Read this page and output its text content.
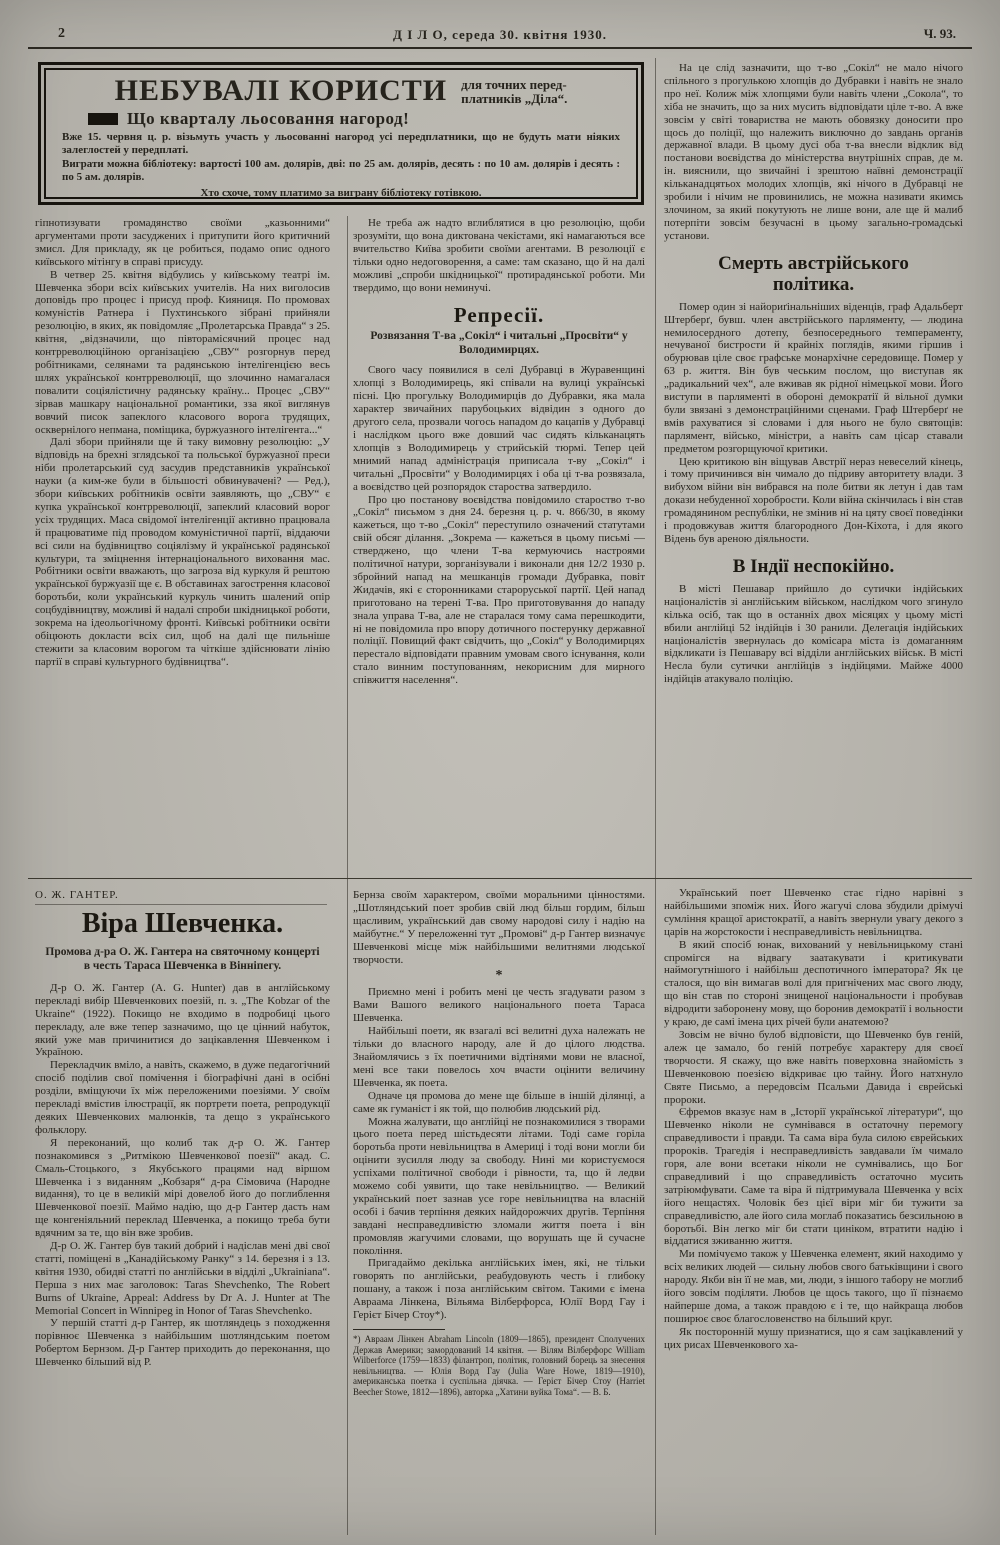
2	Д І Л О, середа 30. квітня 1930.	Ч. 93.
НЕБУВАЛІ КОРИСТИ для точних перед-
платників „Діла“.
Що кварталу льосовання нагород!

Вже 15. червня ц. р. візьмуть участь у льосованні нагород усі передплатники, що не будуть мати ніяких залеглостей у передплаті.

Виграти можна бібліотеку: вартості 100 ам. долярів, дві: по 25 ам. долярів, десять : по 10 ам. долярів і десять : по 5 ам. долярів.

Хто схоче, тому платимо за виграну бібліотеку готівкою.

гіпнотизувати громадянство своїми „казьонними“ аргументами проти засуджених і притупити його критичний змисл. Для прикладу, як це робиться, подамо опис одного київського мітінгу в справі присуду.

В четвер 25. квітня відбулись у київському театрі ім. Шевченка збори всіх київських учителів. На них виголосив доповідь про процес і присуд проф. Кияниця. По промовах комуністів Ратнера і Пухтинського зібрані прийняли резолюцію, в яких, як повідомляє „Пролетарська Правда“ з 25. квітня, „відзначили, що півторамісячний процес над контрреволюційною організацією „СВУ“ розгорнув перед робітниками, селянами та радянською інтелігенцією весь шлях української контрреволюції, що злочинно намагалася повалити соціялістичну радянську країну... Процес „СВУ“ зірвав машкару національної романтики, зза якої виглянув вовчий писок запеклого класового ворога трудящих, осквернілого непмана, поміщика, буржуазного інтелігента...“

Далі збори прийняли ще й таку вимовну резолюцію: „У відповідь на брехні зглядської та польської буржуазної преси ніби пролетарський суд засудив представників української науки (а ким-же були в більшості обвинувачені? — Ред.), збори київських робітників освіти заявляють, що „СВУ“ є купка української контрреволюції, запеклий класовий ворог усіх трудящих. Маса свідомої інтелігенції активно працювала й працюватиме під проводом комуністичної партії, віддаючи всі сили на будівництво соціялізму й української радянської культури, та зміцнення інтернаціонального виховання мас. Робітники освіти вважають, що загроза від куркуля й рештою української буржуазії ще є. В обставинах загострення класової боротьби, коли український куркуль чинить шалений опір соцбудівництву, можливі й надалі спроби шкідницької роботи, зокрема на ідеольогічному фронті. Київські робітники освіти обіцюють докласти всіх сил, щоб на далі ще пильніше стежити за класовим ворогом та чіткіше здійснювати лінію партії в справі культурного будівництва“.

Не треба аж надто вглиблятися в цю резолюцію, щоби зрозуміти, що вона диктована чекістами, які намагаються все вчительство Київа зробити своїми агентами. В резолюції є тільки одно недоговорення, а саме: там сказано, що й на далі можливі „спроби шкідницької“ протирадянської роботи. Ми твердимо, що вони неминучі.

Репресії.
Розвязання Т-ва „Сокіл“ і читальні „Просвіти“ у Володимирцях.

Свого часу появилися в селі Дубравці в Журавенщині хлопці з Володимирець, які співали на вулиці українські пісні. Цю прогульку Володимирців до Дубравки, яка мала характер звичайних парубоцьких відвідин з одного до другого села, прозвали чогось нападом до кацапів у Дубравці і наслідком цього вже довший час сидять кільканацять хлопців з Володимирець у стрийській тюрмі. Тепер цей мнимий напад адміністрація приписала т-ву „Сокіл“ і читальні „Просвіти“ у Володимирцях і оба ці т-ва розвязала, а воєвідство цей розпорядок староства затвердило.

Про цю постанову воєвідства повідомило староство т-во „Сокіл“ письмом з дня 24. березня ц. р. ч. 866/30, в якому кажеться, що т-во „Сокіл“ переступило означений статутами свій обсяг ділання. „Зокрема — кажеться в цьому письмі — стверджено, що члени Т-ва кермуючись настроями політичної натури, зорганізували і виконали дня 12/2 1930 р. збройний напад на мешканців громади Дубравка, повіт Жидачів, які є сторонниками староруської партії. Цей напад приготовано на терені Т-ва. Про приготовування до нападу знала управа Т-ва, але не старалася тому сама перешкодити, ні не повідомила про впору дотичного постерунку державної поліції. Повищий факт свідчить, що „Сокіл“ у Володимирцях перестало відповідати правним умовам свого існування, коли стало винним поступованням, некорисним для мирного співжиття населення“.

На це слід зазначити, що т-во „Сокіл“ не мало нічого спільного з прогулькою хлопців до Дубравки і навіть не знало про неї. Колиж між хлопцями були навіть члени „Сокола“, то хіба не значить, що за них мусить відповідати ціле т-во. А вже зовсім у світі товариства не мають обовязку доносити про щось до поліції, що належить виключно до завдань органів державної влади. В цьому дусі оба т-ва внесли відклик від постанови воєвідства до міністерства внутрішніх справ, де м. ін. вияснили, що звичайні і зрештою наївні демонстрації кільканадцятьох молодих хлопців, які нічого в Дубравці не зробили і нічим не провинились, не можна називати якимсь злочином, за який покутують не лише вони, але ще й малиб потерпіти зовсім безучасні в цьому загально-громадські установи.

Смерть австрійського політика.

Помер один зі найориґінальніших віденців, граф Адальберт Штерберґ, бувш. член австрійського парляменту, — людина немилосердного дотепу, безпосереднього темпераменту, нечуваної бистрости й крайніх поглядів, якими гіршив і обурював ціле своє графське монархічне середовище. Помер у 63 р. життя. Він був чеським послом, що виступав як „радикальний чех“, але вживав як рідної німецької мови. Його виступи в парляменті в обороні демократії й вільної думки були звязані з демонстраційними сценами. Граф Штерберґ не вмів рахуватися зі словами і для нього не було святощів: парлямент, військо, міністри, а навіть сам цісар ставали предметом розгорщуючої критики.

Цею критикою він віщував Австрії нераз невеселий кінець, і тому причинився він чимало до підриву авторитету влади. З вибухом війни він вибрався на поле битви як летун і дав там докази небуденної хоробрости. Коли війна скінчилась і він став громадянином республіки, не змінив ні на цяту своєї поведінки і продовжував життя благородного Дон-Кіхота, і для якого Відень був ареною діяльности.

В Індії неспокійно.

В місті Пешавар прийшло до сутички індійських націоналістів зі англійським військом, наслідком чого згинуло кілька осіб, так що в останніх двох місяцях у цьому місті вбили англійці 52 індійців і 30 ранили. Делегація індійських націоналістів звернулась до комісара міста із домаганням відкликати із Пешавару всі відділи англійських військ. В місті Несла були сутички англійців з індійцями. Майже 4000 індійців атакувало поліцію.

О. Ж. ГАНТЕР.
Віра Шевченка.
Промова д-ра О. Ж. Гантера на святочному концерті в честь Тараса Шевченка в Вінніпегу.

Д-р О. Ж. Гантер (A. G. Hunter) дав в англійському перекладі вибір Шевченкових поезій, п. з. „The Kobzar of the Ukraine“ (1922). Покищо не входимо в подробиці цього перекладу, але вже тепер зазначимо, що це цінний набуток, який уже мав причинитися до зацікавлення Шевченком і Україною.

Перекладчик вміло, а навіть, скажемо, в дуже педагогічний спосіб поділив свої помічення і біографічні дані в осібні розділи, вміщуючи їх між переложеними поезіями. У своїм перекладі вмістив ілюстрації, як портрети поета, репродукції деяких Шевченкових малюнків, та дещо з українського фольклору.

Я переконаний, що колиб так д-р О. Ж. Гантер познакомився з „Ритмікою Шевченкової поезії“ акад. С. Смаль-Стоцького, з Якубського працями над віршом Шевченка і з виданням „Кобзаря“ д-ра Сімовича (Народне видання), то це в великій мірі довелоб його до поглиблення Шевченкової поезії. Маймо надію, що д-р Гантер дасть нам ще конгеніяльний переклад Шевченка, а покищо треба бути вдячним за те, що він вже зробив.

Д-р О. Ж. Гантер був такий добрий і надіслав мені дві свої статті, поміщені в „Канадійському Ранку“ з 14. березня і з 13. квітня 1930, обидві статті по англійськи в відділі „Ukrainiana“. Перша з них має заголовок: Taras Shevchenko, The Robert Burns of Ukraine, Appeal: Address by Dr A. J. Hunter at The Memorial Concert in Winnipeg in Honor of Taras Shevchenko.

У першій статті д-р Гантер, як шотляндець з походження порівнює Шевченка з найбільшим шотляндським поетом Робертом Бернзом. Д-р Гантер приходить до переконання, що Шевченко більший від Р.

Бернза своїм характером, своїми моральними цінностями. „Шотляндський поет зробив свій люд більш гордим, більш щасливим, український дав свому народові силу і надію на майбутнє.“ У переложенні тут „Промові“ д-р Гантер визначує Шевченкові місце між найбільшими велитнями людської творчости.

*

Приємно мені і робить мені це честь згадувати разом з Вами Вашого великого національного поета Тараса Шевченка.

Найбільші поети, як взагалі всі велитні духа належать не тільки до власного народу, але й до цілого людства. Знайомлячись з їх поетичними відтінями мови не власної, мені все таки повелось хоч вчасти оцінити величину Шевченка, як поета.

Одначе ця промова до мене ще більше в іншій ділянці, а саме як гуманіст і як той, що полюбив людський рід.

Можна жалувати, що англійці не познакомилися з творами цього поета перед шістьдесяти літами. Тоді саме горіла боротьба проти невільництва в Америці і тоді вони могли би оцінити зусилля люду за свободу. Нині ми користуємося успіхами політичної свободи і рівности, та, що й ледви можемо собі уявити, що таке невільництво. — Великий український поет зазнав усе горе невільництва на власній особі і бачив терпіння деяких найдорожчих другів. Терпіння завдані несправедливістю зломали життя поета і він промовляв жагучими словами, що ворушать ще й сучасне покоління.

Пригадаймо декілька англійських імен, які, не тільки говорять по англійськи, реабудовують честь і глибоку пошану, а також і поза англійським світом. Такими є імена Авраама Лінкена, Вільяма Вілберфорса, Юлії Ворд Гау і Герієт Бічер Стоу*).

*) Авраам Лінкен Abraham Lincoln (1809—1865), президент Сполучених Держав Америки; замордований 14 квітня. — Вілям Вілберфорс William Wilberforce (1759—1833) філантроп, політик, головний борець за знесення невільництва. — Юлія Ворд Гау (Julia Ware Howe, 1819—1910), американська поетка і суспільна діячка. — Герієт Бічер Стоу (Harriet Beecher Stowe, 1812—1896), авторка „Хатини вуйка Тома“. — В. Б.

Український поет Шевченко стає гідно нарівні з найбільшими зпоміж них. Його жагучі слова збудили дрімучі сумління кращої аристократії, а навіть звернули увагу декого з царів на жорстокости і несправедливість невільництва.

В який спосіб юнак, вихований у невільницькому стані спромігся на відвагу заатакувати і критикувати наймогутнішого і найбільш деспотичного імператора? Як це сталося, що він вимагав волі для пригнічених мас свого люду, що він став по стороні знищеної національности і пробував відродити заборонену мову, що боронив демократії і вольности у краю, де самі імена цих річей були анатемою?

Зовсім не вічно булоб відповісти, що Шевченко був геній, алеж це замало, бо геній потребує характеру для своєї творчости. Я скажу, що вже навіть поверховна знайомість з Шевченковою поезією відкриває цю тайну. Його натхнуло Святе Письмо, а передовсім Псальми Давида і єврейські пророки.

Єфремов вказує нам в „Історії української літератури“, що Шевченко ніколи не сумнівався в остаточну перемогу справедливости і правди. Та сама віра була силою єврейських пророків. Трагедія і несправедливість завдавали їм чимало горя, але вони всетаки ніколи не сумнівались, що Бог справедливий і що справедливість остаточно мусить затріюмфувати. Саме та віра й підтримувала Шевченка у всіх його нещастях. Чоловік без цієї віри міг би тужити за справедливістю, але його сила моглаб показатись безсильною в боротьбі. Він легко міг би стати циніком, втратити надію і віддатися зживанню життя.

Ми помічуємо також у Шевченка елемент, який находимо у всіх великих людей — сильну любов свого батьківщини і свого народу. Якби він її не мав, ми, люди, з іншого табору не моглиб його зовсім поділяти. Любов це щось такого, що її пізнаємо найперше дома, а також правдою є і те, що найкраща любов поширює своє благословенство на більший круг.

Як посторонній мушу признатися, що я сам зацікавлений у цих рисах Шевченкового ха-
